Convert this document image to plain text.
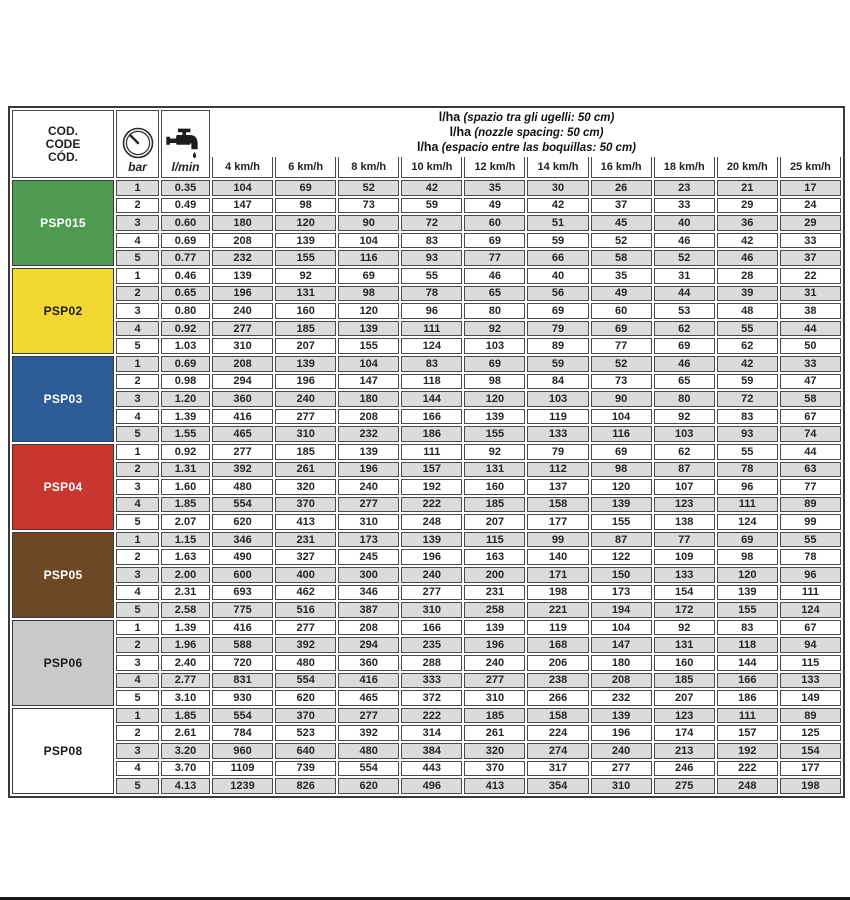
COD.
CODE
CÓD.

bar	l/min

l/ha (spazio tra gli ugelli: 50 cm)
l/ha (nozzle spacing: 50 cm)
l/ha (espacio entre las boquillas: 50 cm)

			4 km/h	6 km/h	8 km/h	10 km/h	12 km/h	14 km/h	16 km/h	18 km/h	20 km/h	25 km/h
PSP015	1	0.35	104	69	52	42	35	30	26	23	21	17
	2	0.49	147	98	73	59	49	42	37	33	29	24
	3	0.60	180	120	90	72	60	51	45	40	36	29
	4	0.69	208	139	104	83	69	59	52	46	42	33
	5	0.77	232	155	116	93	77	66	58	52	46	37
PSP02	1	0.46	139	92	69	55	46	40	35	31	28	22
	2	0.65	196	131	98	78	65	56	49	44	39	31
	3	0.80	240	160	120	96	80	69	60	53	48	38
	4	0.92	277	185	139	111	92	79	69	62	55	44
	5	1.03	310	207	155	124	103	89	77	69	62	50
PSP03	1	0.69	208	139	104	83	69	59	52	46	42	33
	2	0.98	294	196	147	118	98	84	73	65	59	47
	3	1.20	360	240	180	144	120	103	90	80	72	58
	4	1.39	416	277	208	166	139	119	104	92	83	67
	5	1.55	465	310	232	186	155	133	116	103	93	74
PSP04	1	0.92	277	185	139	111	92	79	69	62	55	44
	2	1.31	392	261	196	157	131	112	98	87	78	63
	3	1.60	480	320	240	192	160	137	120	107	96	77
	4	1.85	554	370	277	222	185	158	139	123	111	89
	5	2.07	620	413	310	248	207	177	155	138	124	99
PSP05	1	1.15	346	231	173	139	115	99	87	77	69	55
	2	1.63	490	327	245	196	163	140	122	109	98	78
	3	2.00	600	400	300	240	200	171	150	133	120	96
	4	2.31	693	462	346	277	231	198	173	154	139	111
	5	2.58	775	516	387	310	258	221	194	172	155	124
PSP06	1	1.39	416	277	208	166	139	119	104	92	83	67
	2	1.96	588	392	294	235	196	168	147	131	118	94
	3	2.40	720	480	360	288	240	206	180	160	144	115
	4	2.77	831	554	416	333	277	238	208	185	166	133
	5	3.10	930	620	465	372	310	266	232	207	186	149
PSP08	1	1.85	554	370	277	222	185	158	139	123	111	89
	2	2.61	784	523	392	314	261	224	196	174	157	125
	3	3.20	960	640	480	384	320	274	240	213	192	154
	4	3.70	1109	739	554	443	370	317	277	246	222	177
	5	4.13	1239	826	620	496	413	354	310	275	248	198
